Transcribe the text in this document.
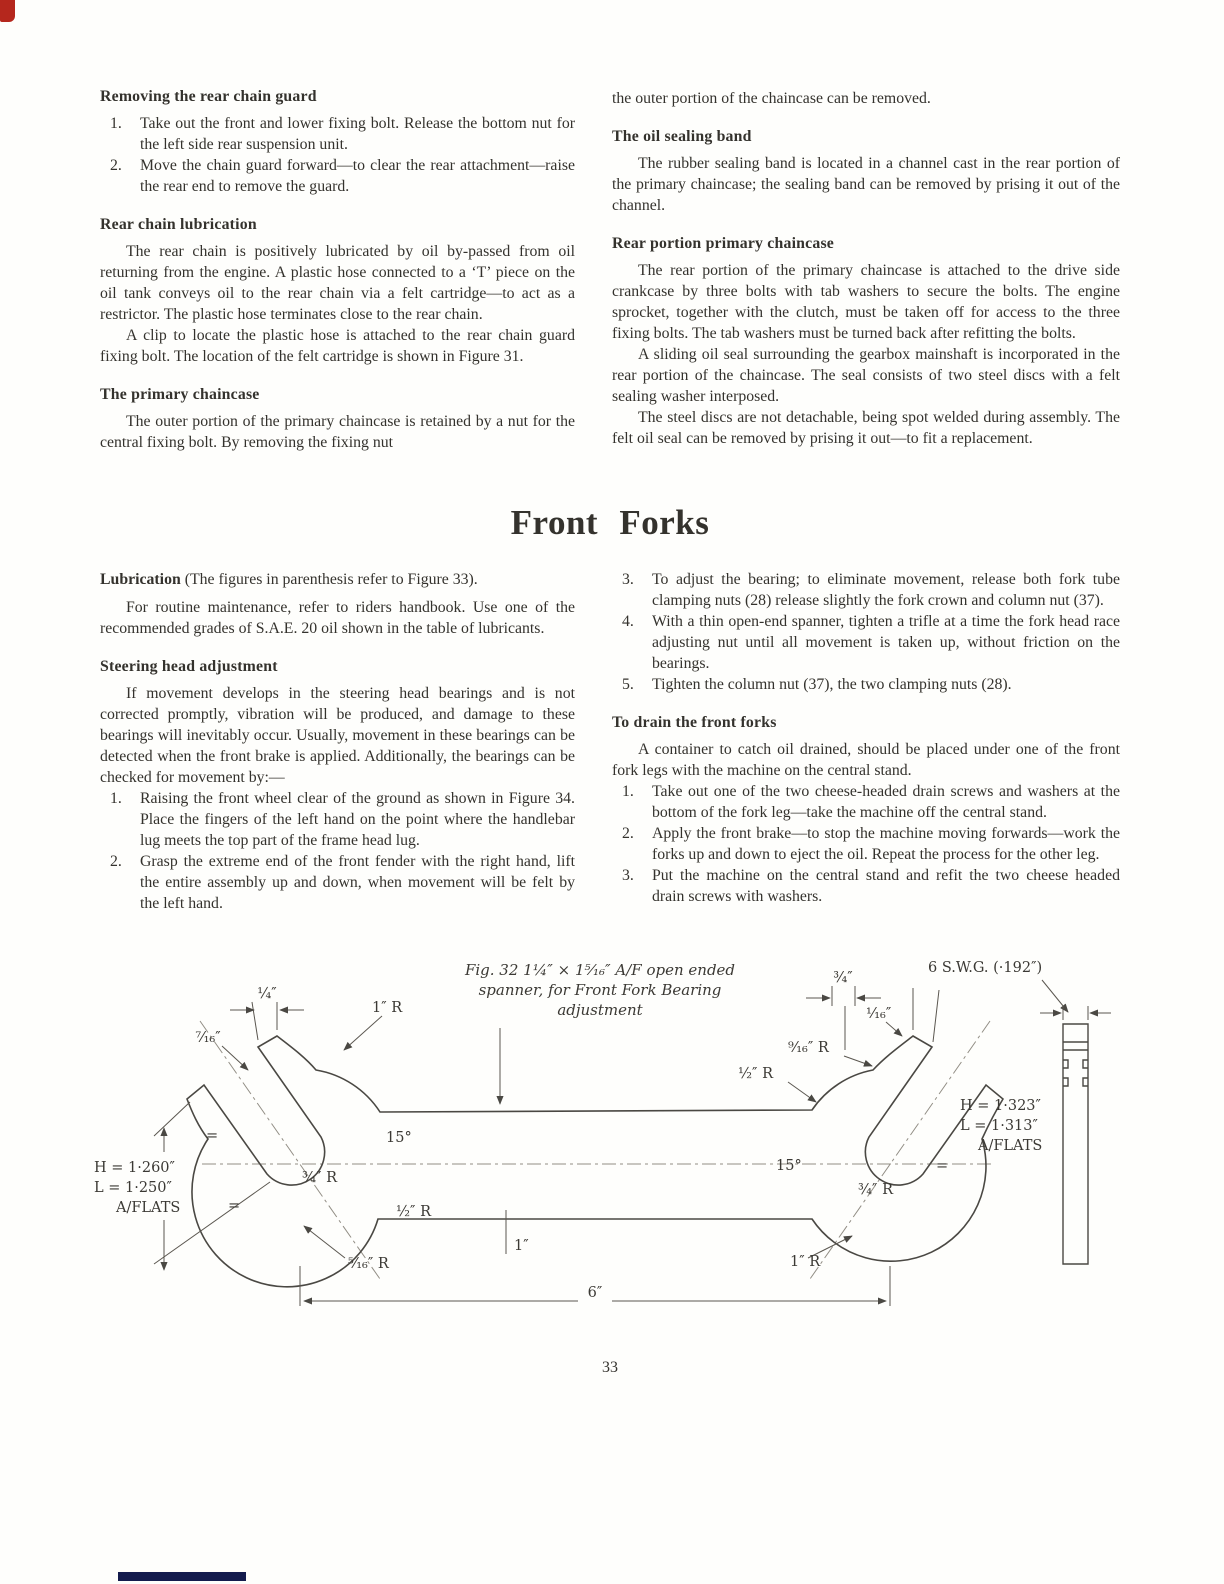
Removing the rear chain guard
1.	Take out the front and lower fixing bolt. Release the bottom nut for the left side rear suspension unit.
2.	Move the chain guard forward—to clear the rear attachment—raise the rear end to remove the guard.
Rear chain lubrication
The rear chain is positively lubricated by oil by-passed from oil returning from the engine. A plastic hose connected to a ‘T’ piece on the oil tank conveys oil to the rear chain via a felt cartridge—to act as a restrictor. The plastic hose terminates close to the rear chain.
A clip to locate the plastic hose is attached to the rear chain guard fixing bolt. The location of the felt cartridge is shown in Figure 31.
The primary chaincase
The outer portion of the primary chaincase is retained by a nut for the central fixing bolt. By removing the fixing nut
the outer portion of the chaincase can be removed.
The oil sealing band
The rubber sealing band is located in a channel cast in the rear portion of the primary chaincase; the sealing band can be removed by prising it out of the channel.
Rear portion primary chaincase
The rear portion of the primary chaincase is attached to the drive side crankcase by three bolts with tab washers to secure the bolts. The engine sprocket, together with the clutch, must be taken off for access to the three fixing bolts. The tab washers must be turned back after refitting the bolts.
A sliding oil seal surrounding the gearbox mainshaft is incorporated in the rear portion of the chaincase. The seal consists of two steel discs with a felt sealing washer interposed.
The steel discs are not detachable, being spot welded during assembly. The felt oil seal can be removed by prising it out—to fit a replacement.
Front Forks
Lubrication (The figures in parenthesis refer to Figure 33).
For routine maintenance, refer to riders handbook. Use one of the recommended grades of S.A.E. 20 oil shown in the table of lubricants.
Steering head adjustment
If movement develops in the steering head bearings and is not corrected promptly, vibration will be produced, and damage to these bearings will inevitably occur. Usually, movement in these bearings can be detected when the front brake is applied. Additionally, the bearings can be checked for movement by:—
1.	Raising the front wheel clear of the ground as shown in Figure 34. Place the fingers of the left hand on the point where the handlebar lug meets the top part of the frame head lug.
2.	Grasp the extreme end of the front fender with the right hand, lift the entire assembly up and down, when movement will be felt by the left hand.
3.	To adjust the bearing; to eliminate movement, release both fork tube clamping nuts (28) release slightly the fork crown and column nut (37).
4.	With a thin open-end spanner, tighten a trifle at a time the fork head race adjusting nut until all movement is taken up, without friction on the bearings.
5.	Tighten the column nut (37), the two clamping nuts (28).
To drain the front forks
A container to catch oil drained, should be placed under one of the front fork legs with the machine on the central stand.
1.	Take out one of the two cheese-headed drain screws and washers at the bottom of the fork leg—take the machine off the central stand.
2.	Apply the front brake—to stop the machine moving forwards—work the forks up and down to eject the oil. Repeat the process for the other leg.
3.	Put the machine on the central stand and refit the two cheese headed drain screws with washers.
Fig. 32 1¼″ × 1⁵⁄₁₆″ A/F open ended
spanner, for Front Fork Bearing
adjustment
6 S.W.G. (·192″)
¼″
⁷⁄₁₆″
1″ R
15°
¾″ R
½″ R
⁵⁄₁₆″ R
1″
6″
H = 1·260″
L = 1·250″
A/FLATS
=
=
=
¾″
¹⁄₁₆″
⁹⁄₁₆″ R
½″ R
15°
¾″ R
1″ R
H = 1·323″
L = 1·313″
A/FLATS
33
